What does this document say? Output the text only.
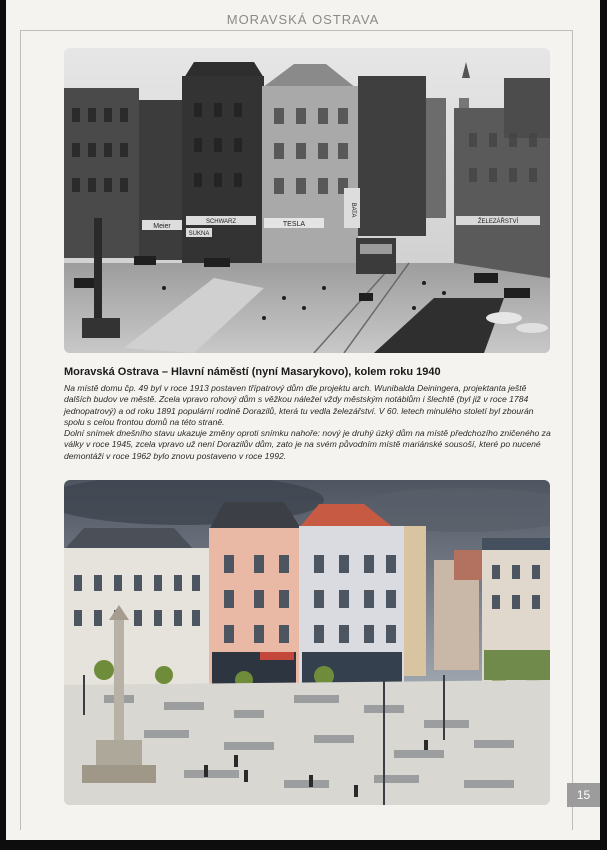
MORAVSKÁ OSTRAVA
Meier
SCHWARZ
SUKNA
TESLA
BATA
ŽELEZÁŘSTVÍ
Moravská Ostrava – Hlavní náměstí (nyní Masarykovo), kolem roku 1940

Na místě domu čp. 49 byl v roce 1913 postaven třípatrový dům dle projektu arch. Wunibalda Deiningera, projektanta ještě dalších budov ve městě. Zcela vpravo rohový dům s věžkou náležel vždy městským notáblům i šlechtě (byl již v roce 1784 jednopatrový) a od roku 1891 populární rodině Dorazilů, která tu vedla železářství. V 60. letech minulého století byl zbourán spolu s celou frontou domů na této straně.

Dolní snímek dnešního stavu ukazuje změny oproti snímku nahoře: nový je druhý úzký dům na místě předchozího zničeného za války v roce 1945, zcela vpravo už není Dorazilův dům, zato je na svém původním místě mariánské sousoší, které po nucené demontáži v roce 1962 bylo znovu postaveno v roce 1992.

15
